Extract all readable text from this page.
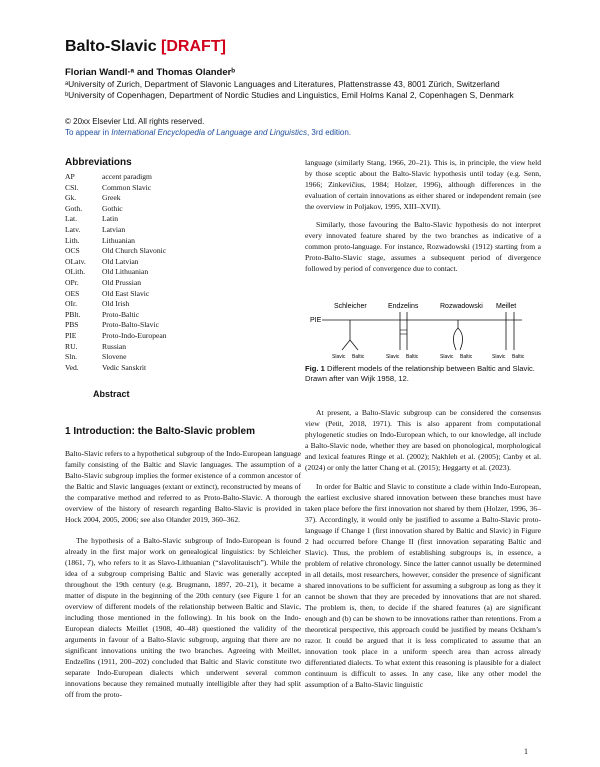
Balto-Slavic [DRAFT]
Florian Wandl·ᵃ and Thomas Olanderᵇ
ᵃUniversity of Zurich, Department of Slavonic Languages and Literatures, Plattenstrasse 43, 8001 Zürich, Switzerland
ᵇUniversity of Copenhagen, Department of Nordic Studies and Linguistics, Emil Holms Kanal 2, Copenhagen S, Denmark
© 20xx Elsevier Ltd. All rights reserved.
To appear in International Encyclopedia of Language and Linguistics, 3rd edition.
Abbreviations
AP	accent paradigm
CSl.	Common Slavic
Gk.	Greek
Goth.	Gothic
Lat.	Latin
Latv.	Latvian
Lith.	Lithuanian
OCS	Old Church Slavonic
OLatv.	Old Latvian
OLith.	Old Lithuanian
OPr.	Old Prussian
OES	Old East Slavic
OIr.	Old Irish
PBlt.	Proto-Baltic
PBS	Proto-Balto-Slavic
PIE	Proto-Indo-European
RU.	Russian
Sln.	Slovene
Ved.	Vedic Sanskrit
Abstract
1 Introduction: the Balto-Slavic problem

Balto-Slavic refers to a hypothetical subgroup of the Indo-European language family consisting of the Baltic and Slavic languages. The assumption of a Balto-Slavic subgroup implies the former existence of a common ancestor of the Baltic and Slavic languages (extant or extinct), reconstructed by means of the comparative method and referred to as Proto-Balto-Slavic. A thorough overview of the history of research regarding Balto-Slavic is provided in Hock 2004, 2005, 2006; see also Olander 2019, 360–362.

The hypothesis of a Balto-Slavic subgroup of Indo-European is found already in the first major work on genealogical linguistics: by Schleicher (1861, 7), who refers to it as Slavo-Lithuanian (“slavolitauisch”). While the idea of a subgroup comprising Baltic and Slavic was generally accepted throughout the 19th century (e.g. Brugmann, 1897, 20–21), it became a matter of dispute in the beginning of the 20th century (see Figure 1 for an overview of different models of the relationship between Baltic and Slavic, including those mentioned in the following). In his book on the Indo-European dialects Meillet (1908, 40–48) questioned the validity of the arguments in favour of a Balto-Slavic subgroup, arguing that there are no significant innovations uniting the two branches. Agreeing with Meillet, Endzelīns (1911, 200–202) concluded that Baltic and Slavic constitute two separate Indo-European dialects which underwent several common innovations because they remained mutually intelligible after they had split off from the proto-

language (similarly Stang, 1966, 20–21). This is, in principle, the view held by those sceptic about the Balto-Slavic hypothesis until today (e.g. Senn, 1966; Zinkevičius, 1984; Holzer, 1996), although differences in the evaluation of certain innovations as either shared or independent remain (see the overview in Poljakov, 1995, XIII–XVII).

Similarly, those favouring the Balto-Slavic hypothesis do not interpret every innovated feature shared by the two branches as indicative of a common proto-language. For instance, Rozwadowski (1912) starting from a Proto-Balto-Slavic stage, assumes a subsequent period of divergence followed by period of convergence due to contact.

PIE
Schleicher
Slavic Baltic
Endzelins
Slavic Baltic
Rozwadowski
Slavic Baltic
Meillet
Slavic Baltic
Fig. 1 Different models of the relationship between Baltic and Slavic. Drawn after van Wijk 1958, 12.

At present, a Balto-Slavic subgroup can be considered the consensus view (Petit, 2018, 1971). This is also apparent from computational phylogenetic studies on Indo-European which, to our knowledge, all include a Balto-Slavic node, whether they are based on phonological, morphological and lexical features Ringe et al. (2002); Nakhleh et al. (2005); Canby et al. (2024) or only the latter Chang et al. (2015); Heggarty et al. (2023).

In order for Baltic and Slavic to constitute a clade within Indo-European, the earliest exclusive shared innovation between these branches must have taken place before the first innovation not shared by them (Holzer, 1996, 36–37). Accordingly, it would only be justified to assume a Balto-Slavic proto-language if Change 1 (first innovation shared by Baltic and Slavic) in Figure 2 had occurred before Change II (first innovation separating Baltic and Slavic). Thus, the problem of establishing subgroups is, in essence, a problem of relative chronology. Since the latter cannot usually be determined in all details, most researchers, however, consider the presence of significant shared innovations to be sufficient for assuming a subgroup as long as they it cannot be shown that they are preceded by innovations that are not shared. The problem is, then, to decide if the shared features (a) are significant enough and (b) can be shown to be innovations rather than retentions. From a theoretical perspective, this approach could be justified by means Ockham’s razor. It could be argued that it is less complicated to assume that an innovation took place in a uniform speech area than across already differentiated dialects. To what extent this reasoning is plausible for a dialect continuum is difficult to asses. In any case, like any other model the assumption of a Balto-Slavic linguistic

1
